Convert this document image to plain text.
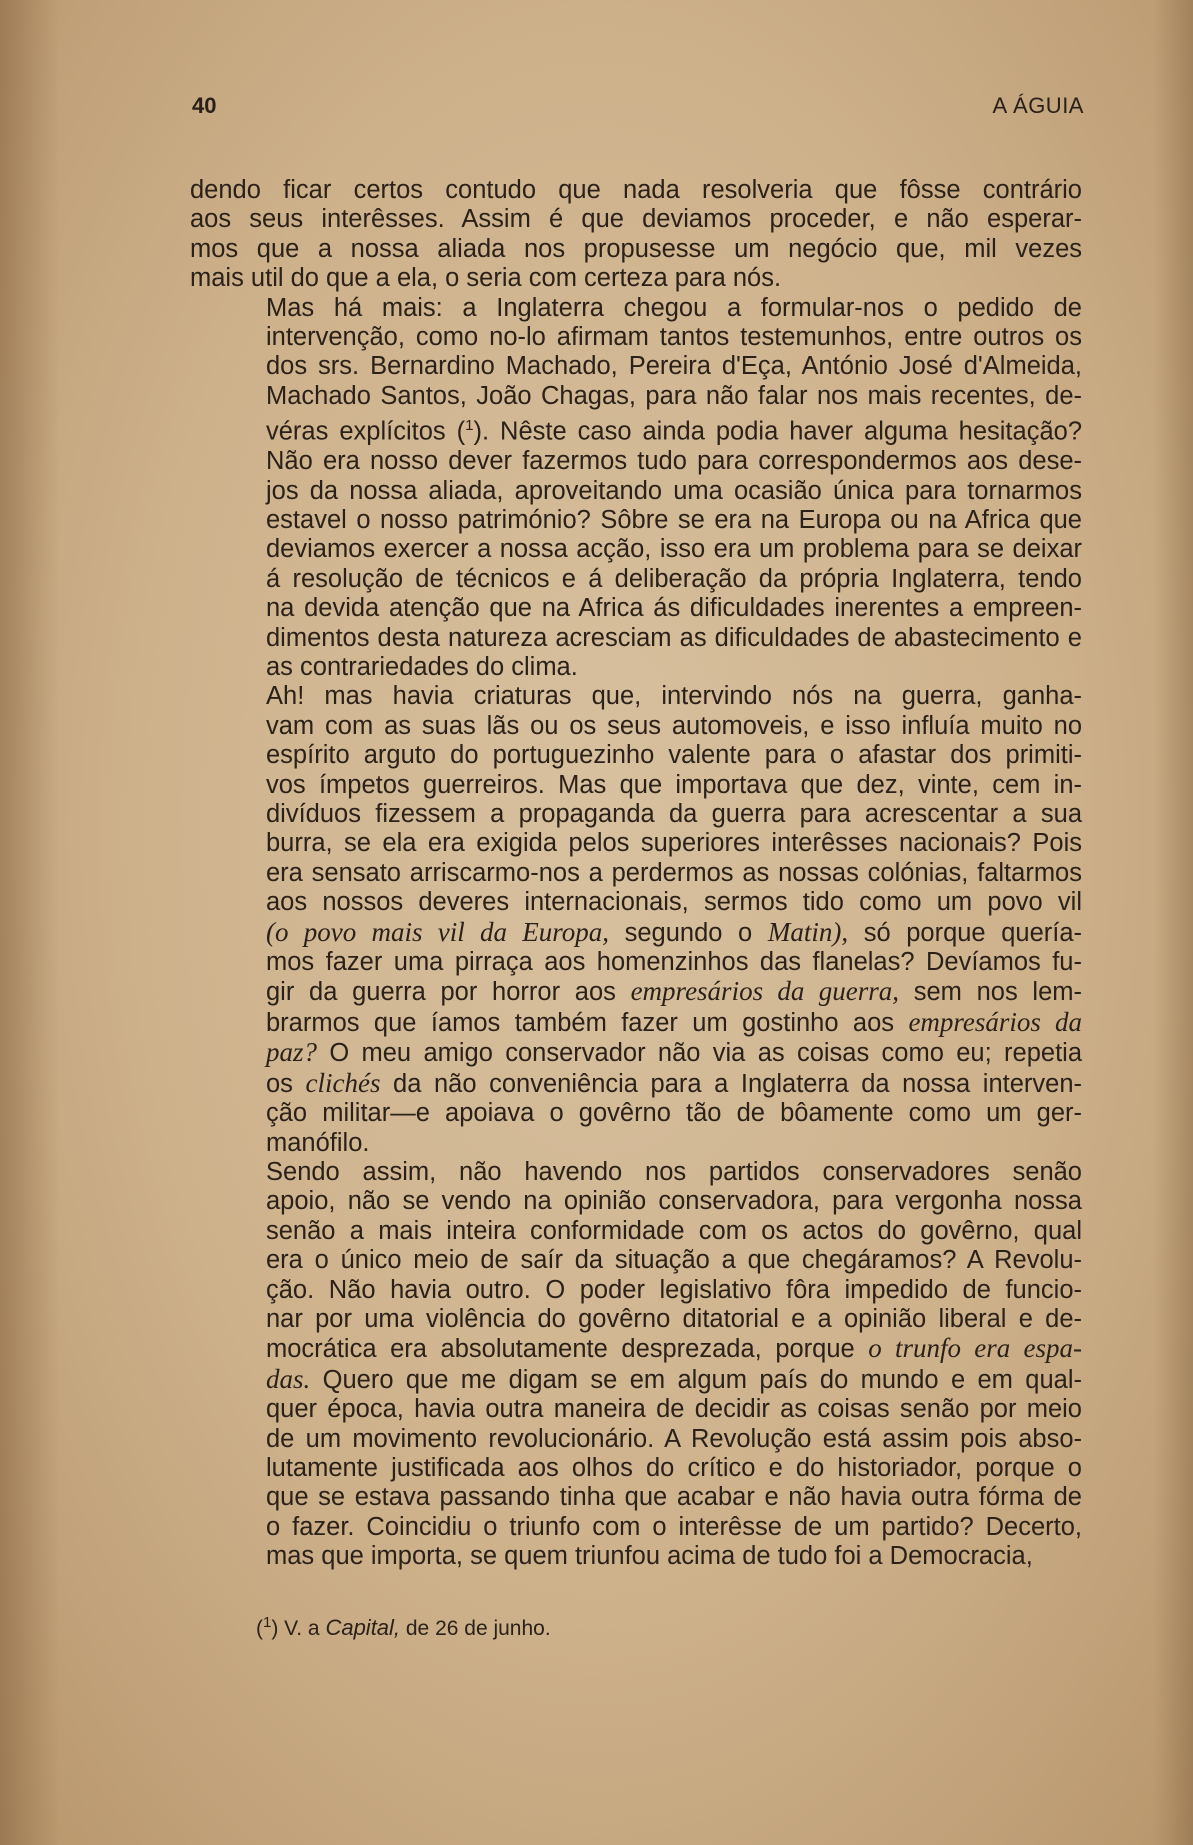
40	A ÁGUIA
dendo ficar certos contudo que nada resolveria que fôsse contrário
aos seus interêsses. Assim é que deviamos proceder, e não esperar-
mos que a nossa aliada nos propusesse um negócio que, mil vezes
mais util do que a ela, o seria com certeza para nós.
Mas há mais: a Inglaterra chegou a formular-nos o pedido de
intervenção, como no-lo afirmam tantos testemunhos, entre outros os
dos srs. Bernardino Machado, Pereira d'Eça, António José d'Almeida,
Machado Santos, João Chagas, para não falar nos mais recentes, de-
véras explícitos ($^1$). Nêste caso ainda podia haver alguma hesitação?
Não era nosso dever fazermos tudo para correspondermos aos dese-
jos da nossa aliada, aproveitando uma ocasião única para tornarmos
estavel o nosso património? Sôbre se era na Europa ou na Africa que
deviamos exercer a nossa acção, isso era um problema para se deixar
á resolução de técnicos e á deliberação da própria Inglaterra, tendo
na devida atenção que na Africa ás dificuldades inerentes a empreen-
dimentos desta natureza acresciam as dificuldades de abastecimento e
as contrariedades do clima.
Ah! mas havia criaturas que, intervindo nós na guerra, ganha-
vam com as suas lãs ou os seus automoveis, e isso influía muito no
espírito arguto do portuguezinho valente para o afastar dos primiti-
vos ímpetos guerreiros. Mas que importava que dez, vinte, cem in-
divíduos fizessem a propaganda da guerra para acrescentar a sua
burra, se ela era exigida pelos superiores interêsses nacionais? Pois
era sensato arriscarmo-nos a perdermos as nossas colónias, faltarmos
aos nossos deveres internacionais, sermos tido como um povo vil
(o povo mais vil da Europa, segundo o Matin), só porque quería-
mos fazer uma pirraça aos homenzinhos das flanelas? Devíamos fu-
gir da guerra por horror aos empresários da guerra, sem nos lem-
brarmos que íamos também fazer um gostinho aos empresários da
paz? O meu amigo conservador não via as coisas como eu; repetia
os clichés da não conveniência para a Inglaterra da nossa interven-
ção militar—e apoiava o govêrno tão de bôamente como um ger-
manófilo.
Sendo assim, não havendo nos partidos conservadores senão
apoio, não se vendo na opinião conservadora, para vergonha nossa
senão a mais inteira conformidade com os actos do govêrno, qual
era o único meio de saír da situação a que chegáramos? A Revolu-
ção. Não havia outro. O poder legislativo fôra impedido de funcio-
nar por uma violência do govêrno ditatorial e a opinião liberal e de-
mocrática era absolutamente desprezada, porque o trunfo era espa-
das. Quero que me digam se em algum país do mundo e em qual-
quer época, havia outra maneira de decidir as coisas senão por meio
de um movimento revolucionário. A Revolução está assim pois abso-
lutamente justificada aos olhos do crítico e do historiador, porque o
que se estava passando tinha que acabar e não havia outra fórma de
o fazer. Coincidiu o triunfo com o interêsse de um partido? Decerto,
mas que importa, se quem triunfou acima de tudo foi a Democracia,
($^1$) V. a Capital, de 26 de junho.
